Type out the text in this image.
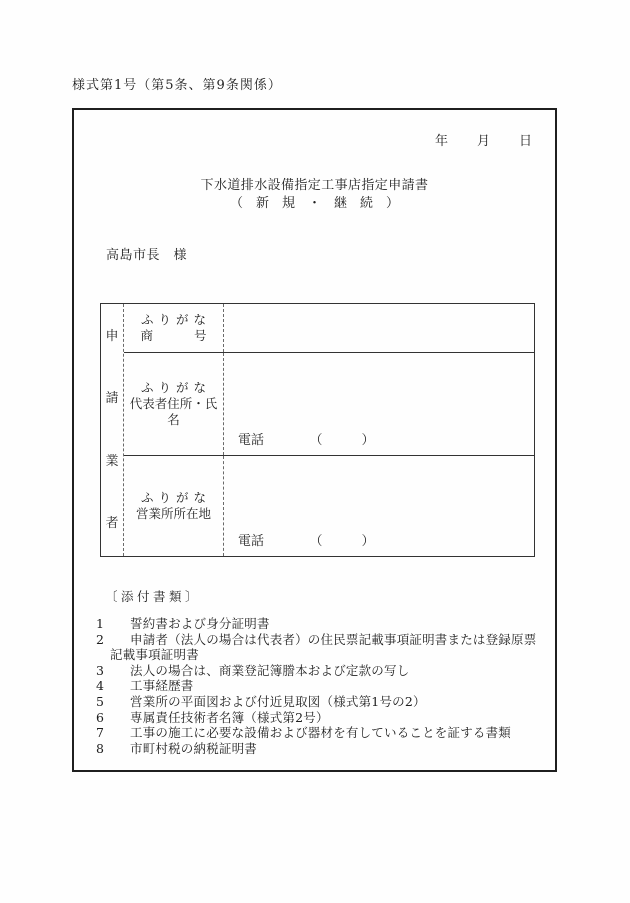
様式第1号（第5条、第9条関係）
年　　月　　日
下水道排水設備指定工事店指定申請書
（　新　規　・　継　続　）
高島市長　様
申
請
業
者
ふりがな
商号
ふりがな
代表者住所・氏名
電話　　　　（　　　）
ふりがな
営業所所在地
電話　　　　（　　　）
〔添付書類〕
1 誓約書および身分証明書
2 申請者（法人の場合は代表者）の住民票記載事項証明書または登録原票記載事項証明書
3 法人の場合は、商業登記簿謄本および定款の写し
4 工事経歴書
5 営業所の平面図および付近見取図（様式第1号の2）
6 専属責任技術者名簿（様式第2号）
7 工事の施工に必要な設備および器材を有していることを証する書類
8 市町村税の納税証明書
